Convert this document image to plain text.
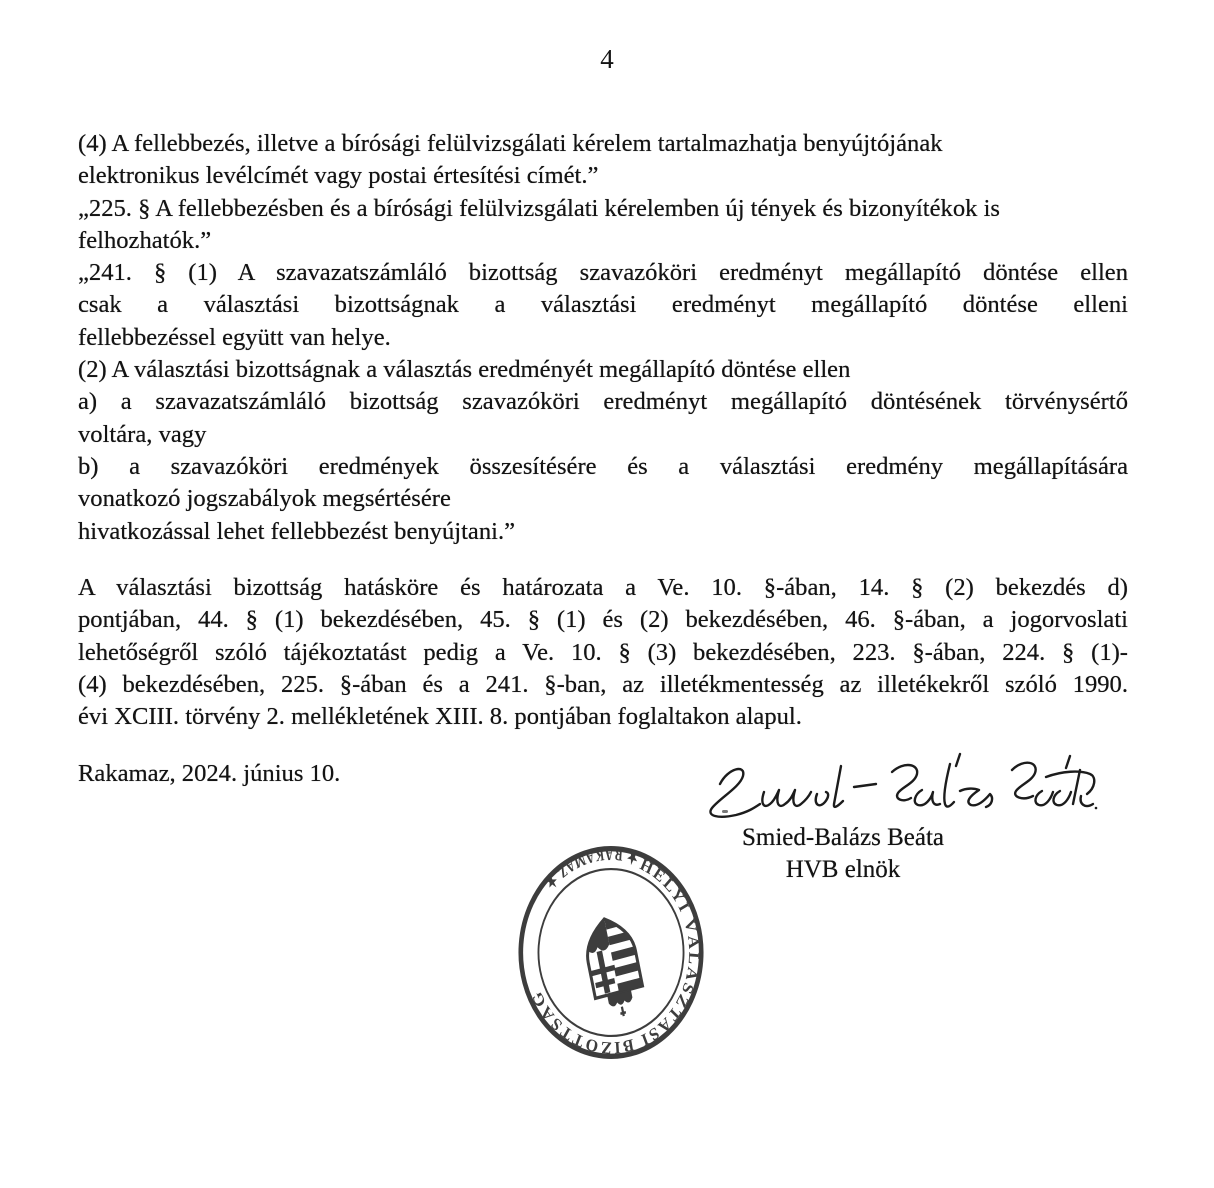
4
(4) A fellebbezés, illetve a bírósági felülvizsgálati kérelem tartalmazhatja benyújtójának
elektronikus levélcímét vagy postai értesítési címét.”
„225. § A fellebbezésben és a bírósági felülvizsgálati kérelemben új tények és bizonyítékok is
felhozhatók.”
„241. § (1) A szavazatszámláló bizottság szavazóköri eredményt megállapító döntése ellen
csak a választási bizottságnak a választási eredményt megállapító döntése elleni
fellebbezéssel együtt van helye.
(2) A választási bizottságnak a választás eredményét megállapító döntése ellen
a) a szavazatszámláló bizottság szavazóköri eredményt megállapító döntésének törvénysértő
voltára, vagy
b) a szavazóköri eredmények összesítésére és a választási eredmény megállapítására
vonatkozó jogszabályok megsértésére
hivatkozással lehet fellebbezést benyújtani.”
A választási bizottság hatásköre és határozata a Ve. 10. §-ában, 14. § (2) bekezdés d)
pontjában, 44. § (1) bekezdésében, 45. § (1) és (2) bekezdésében, 46. §-ában, a jogorvoslati
lehetőségről szóló tájékoztatást pedig a Ve. 10. § (3) bekezdésében, 223. §-ában, 224. § (1)-
(4) bekezdésében, 225. §-ában és a 241. §-ban, az illetékmentesség az illetékekről szóló 1990.
évi XCIII. törvény 2. mellékletének XIII. 8. pontjában foglaltakon alapul.
Rakamaz, 2024. június 10.
Smied-Balázs Beáta
HVB elnök
HELYI VÁLASZTÁSI BIZOTTSÁG
★ RAKAMAZ ★
